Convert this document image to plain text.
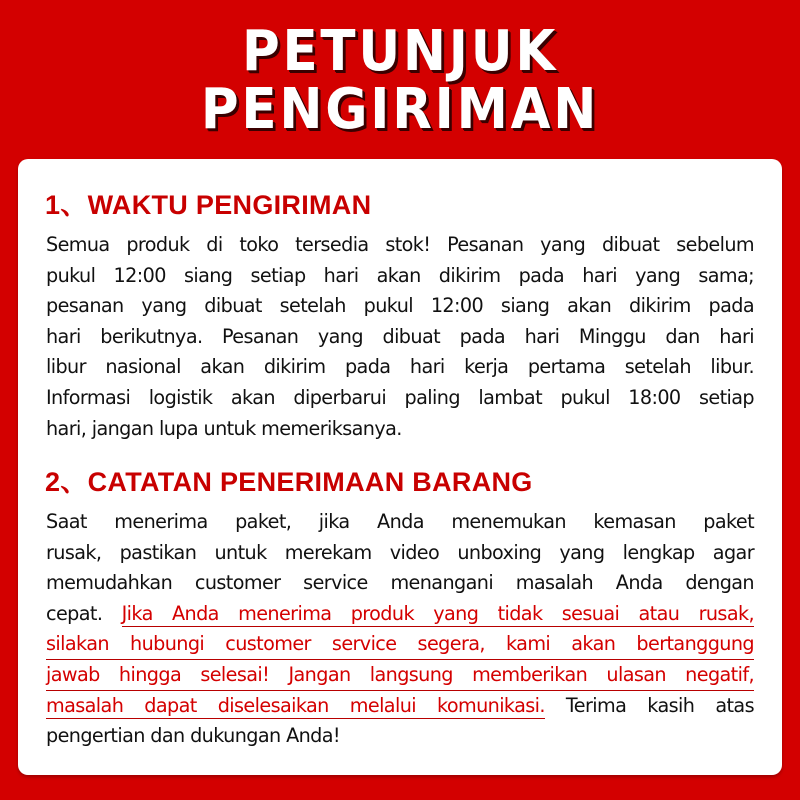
PETUNJUK
PENGIRIMAN
1、WAKTU PENGIRIMAN
Semua produk di toko tersedia stok! Pesanan yang dibuat sebelum
pukul 12:00 siang setiap hari akan dikirim pada hari yang sama;
pesanan yang dibuat setelah pukul 12:00 siang akan dikirim pada
hari berikutnya. Pesanan yang dibuat pada hari Minggu dan hari
libur nasional akan dikirim pada hari kerja pertama setelah libur.
Informasi logistik akan diperbarui paling lambat pukul 18:00 setiap
hari, jangan lupa untuk memeriksanya.
2、CATATAN PENERIMAAN BARANG
Saat menerima paket, jika Anda menemukan kemasan paket
rusak, pastikan untuk merekam video unboxing yang lengkap agar
memudahkan customer service menangani masalah Anda dengan
cepat. Jika Anda menerima produk yang tidak sesuai atau rusak,
silakan hubungi customer service segera, kami akan bertanggung
jawab hingga selesai! Jangan langsung memberikan ulasan negatif,
masalah dapat diselesaikan melalui komunikasi. Terima kasih atas
pengertian dan dukungan Anda!
